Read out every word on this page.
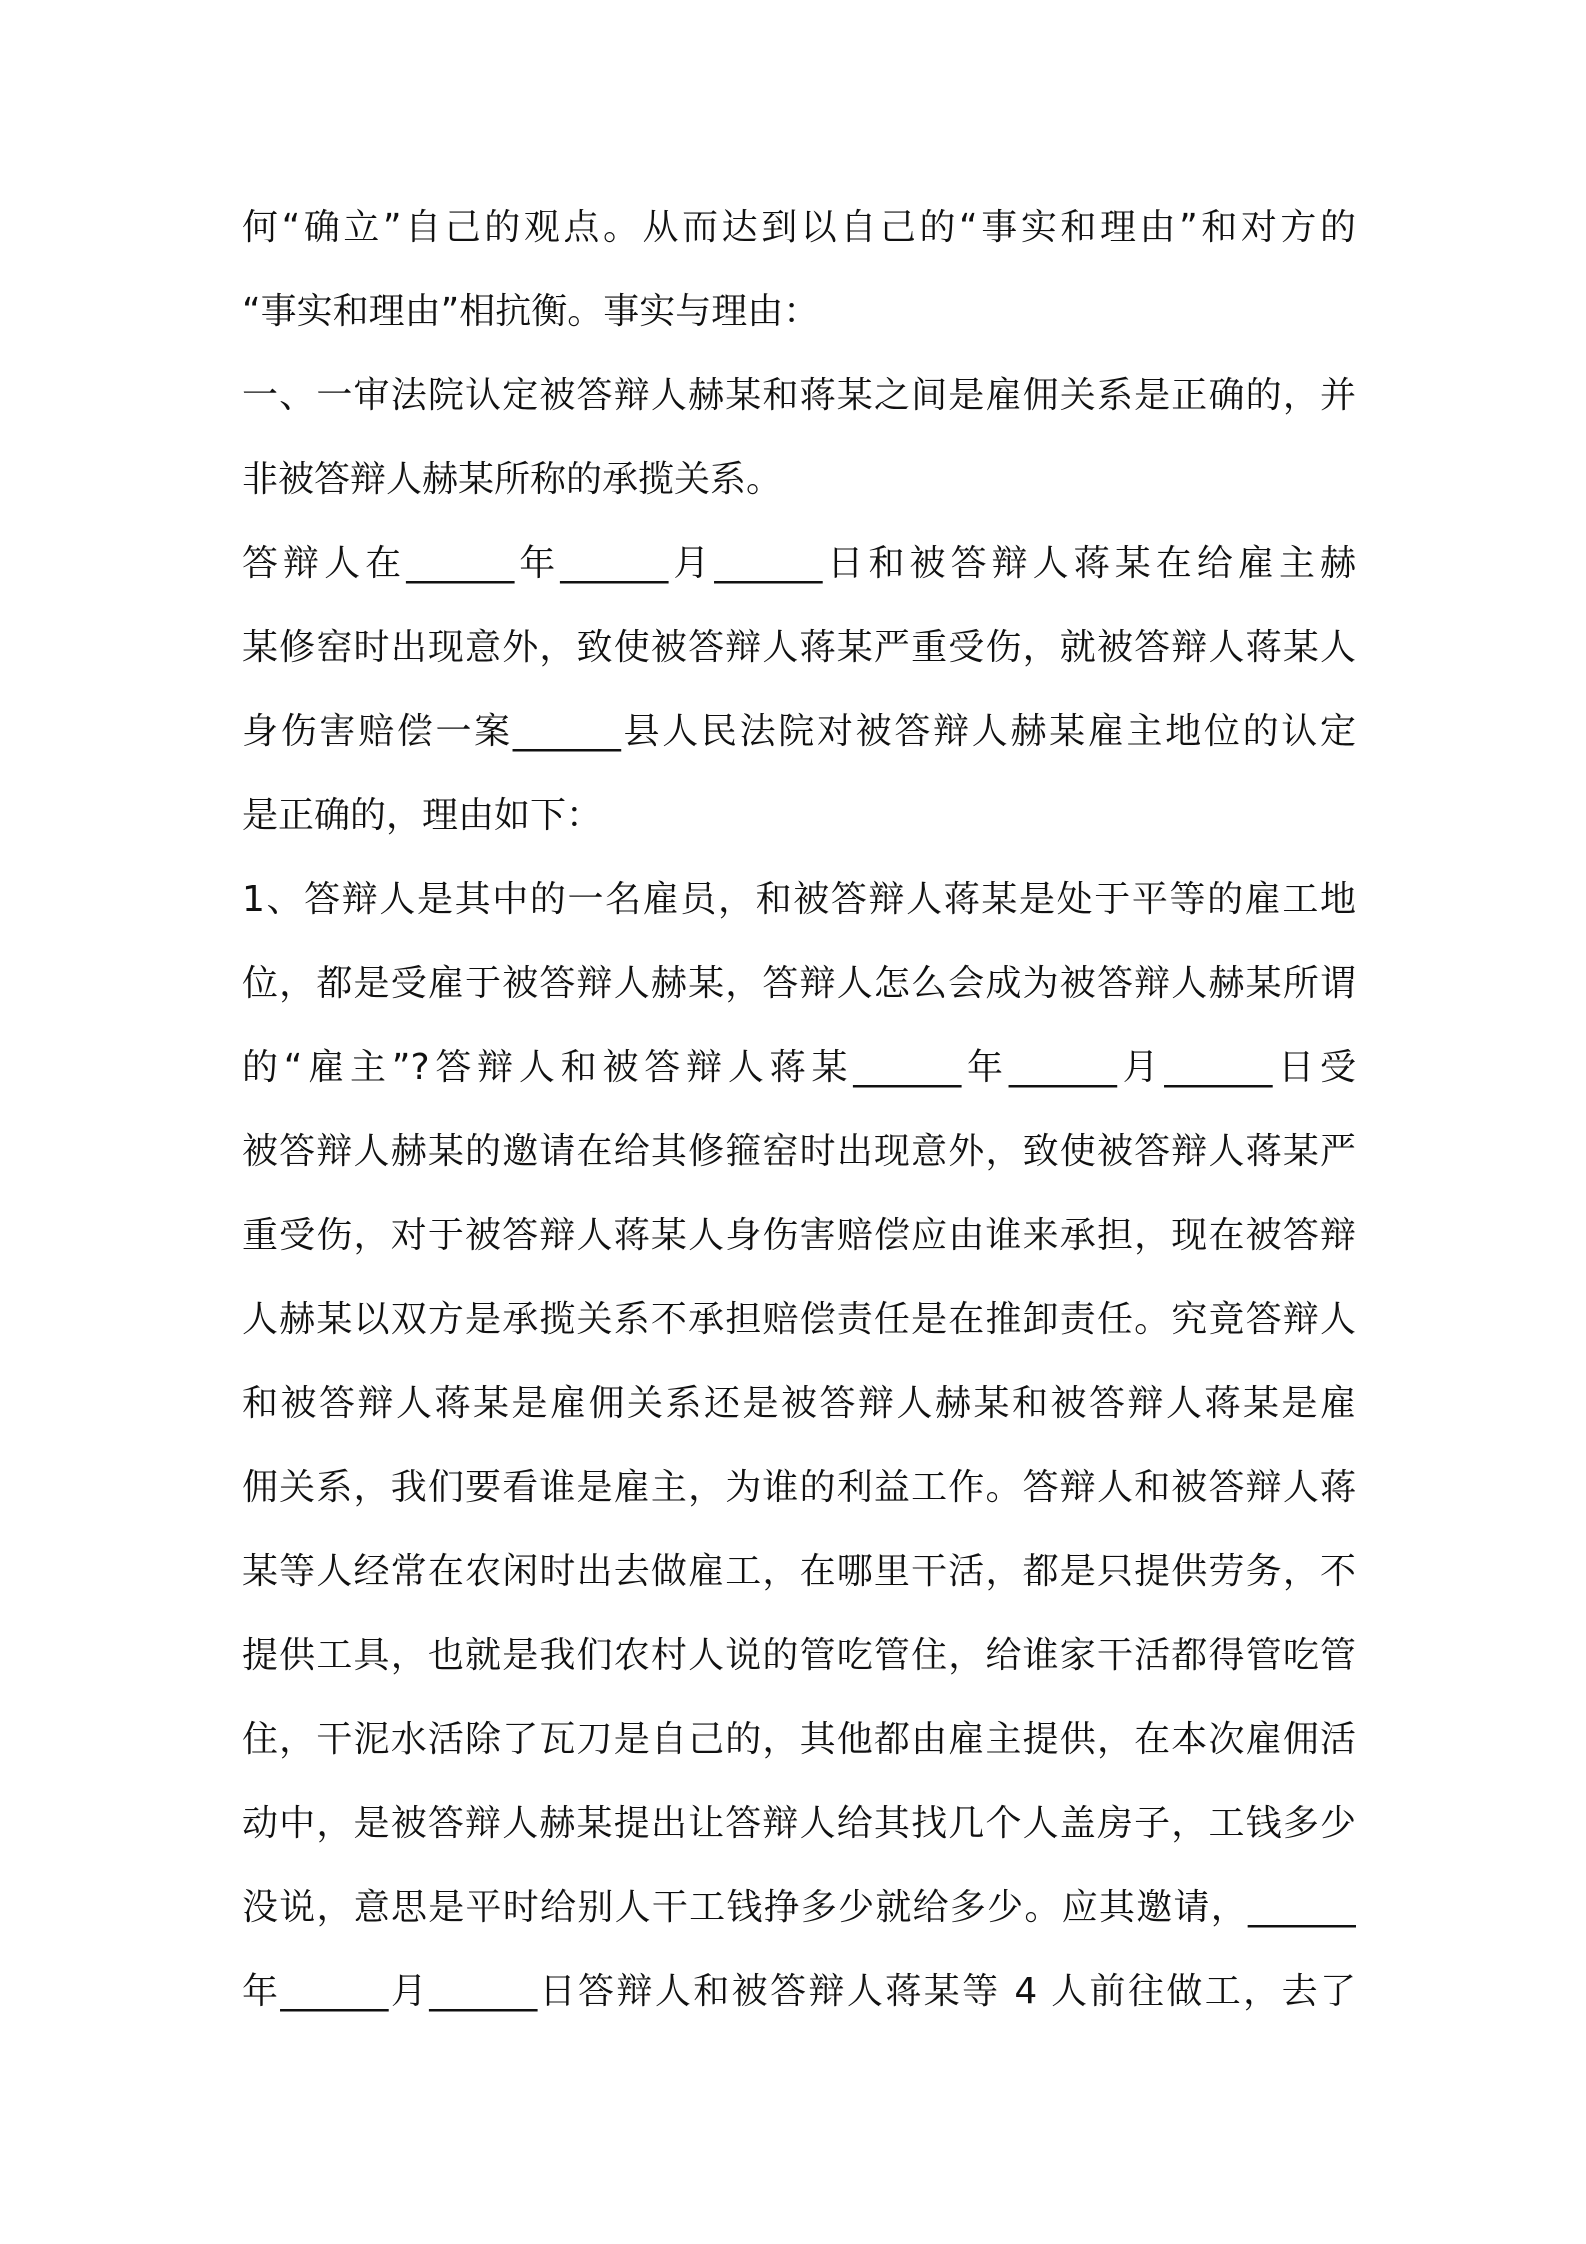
何“确立”自己的观点。从而达到以自己的“事实和理由”和对方的
“事实和理由”相抗衡。事实与理由：
一、一审法院认定被答辩人赫某和蒋某之间是雇佣关系是正确的，并
非被答辩人赫某所称的承揽关系。
答辩人在______年______月______日和被答辩人蒋某在给雇主赫
某修窑时出现意外，致使被答辩人蒋某严重受伤，就被答辩人蒋某人
身伤害赔偿一案______县人民法院对被答辩人赫某雇主地位的认定
是正确的，理由如下：
1、答辩人是其中的一名雇员，和被答辩人蒋某是处于平等的雇工地
位，都是受雇于被答辩人赫某，答辩人怎么会成为被答辩人赫某所谓
的“雇主”?答辩人和被答辩人蒋某______年______月______日受
被答辩人赫某的邀请在给其修箍窑时出现意外，致使被答辩人蒋某严
重受伤，对于被答辩人蒋某人身伤害赔偿应由谁来承担，现在被答辩
人赫某以双方是承揽关系不承担赔偿责任是在推卸责任。究竟答辩人
和被答辩人蒋某是雇佣关系还是被答辩人赫某和被答辩人蒋某是雇
佣关系，我们要看谁是雇主，为谁的利益工作。答辩人和被答辩人蒋
某等人经常在农闲时出去做雇工，在哪里干活，都是只提供劳务，不
提供工具，也就是我们农村人说的管吃管住，给谁家干活都得管吃管
住，干泥水活除了瓦刀是自己的，其他都由雇主提供，在本次雇佣活
动中，是被答辩人赫某提出让答辩人给其找几个人盖房子，工钱多少
没说，意思是平时给别人干工钱挣多少就给多少。应其邀请，______
年______月______日答辩人和被答辩人蒋某等 4 人前往做工，去了
